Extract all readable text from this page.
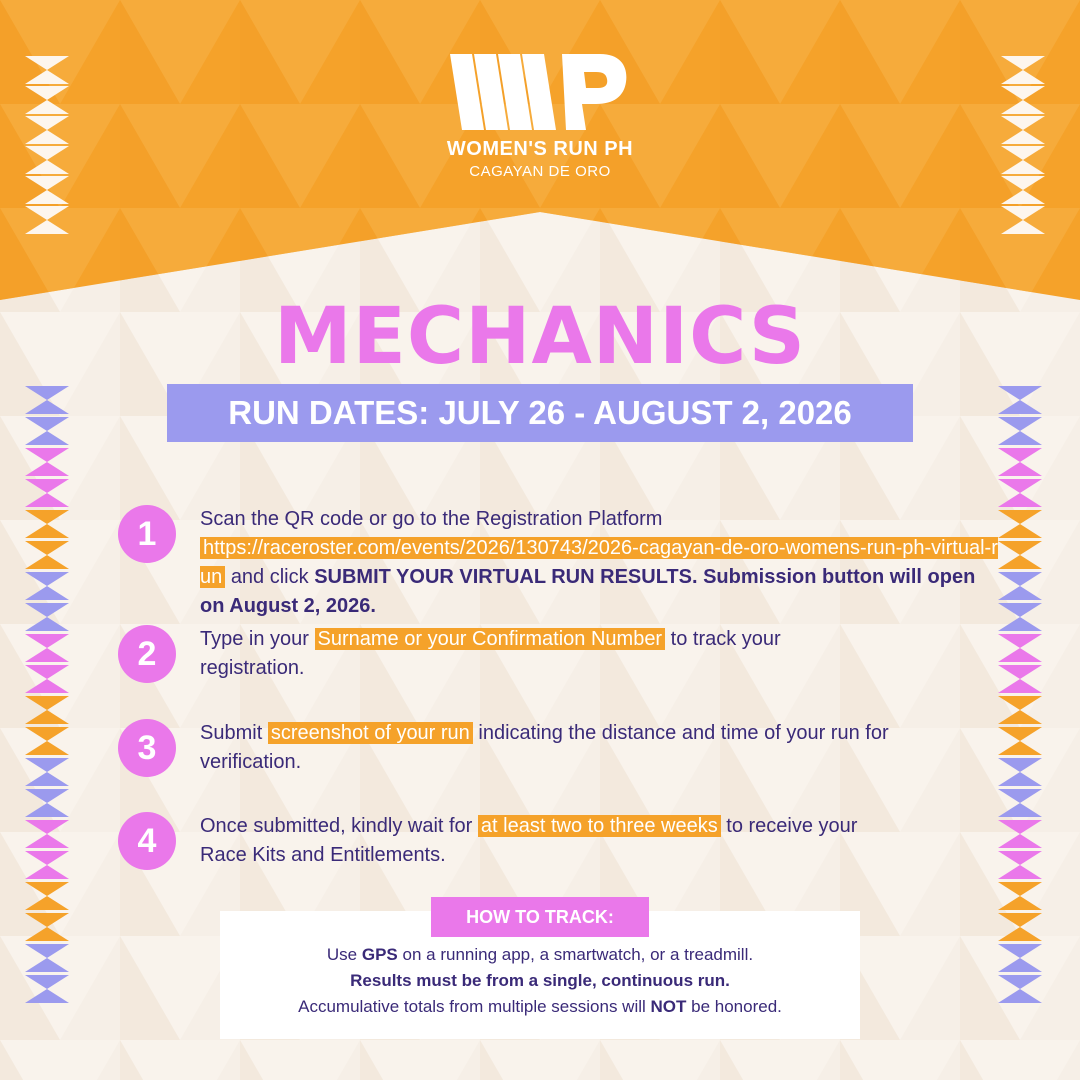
WOMEN'S RUN PH
CAGAYAN DE ORO
MECHANICS
RUN DATES: JULY 26 - AUGUST 2, 2026
1	Scan the QR code or go to the Registration Platform
https://raceroster.com/events/2026/130743/2026-cagayan-de-oro-womens-run-ph-virtual-run and click SUBMIT YOUR VIRTUAL RUN RESULTS. Submission button will open on August 2, 2026.
2	Type in your Surname or your Confirmation Number to track your registration.
3	Submit screenshot of your run indicating the distance and time of your run for verification.
4	Once submitted, kindly wait for at least two to three weeks to receive your Race Kits and Entitlements.
HOW TO TRACK:
Use GPS on a running app, a smartwatch, or a treadmill.
Results must be from a single, continuous run.
Accumulative totals from multiple sessions will NOT be honored.
